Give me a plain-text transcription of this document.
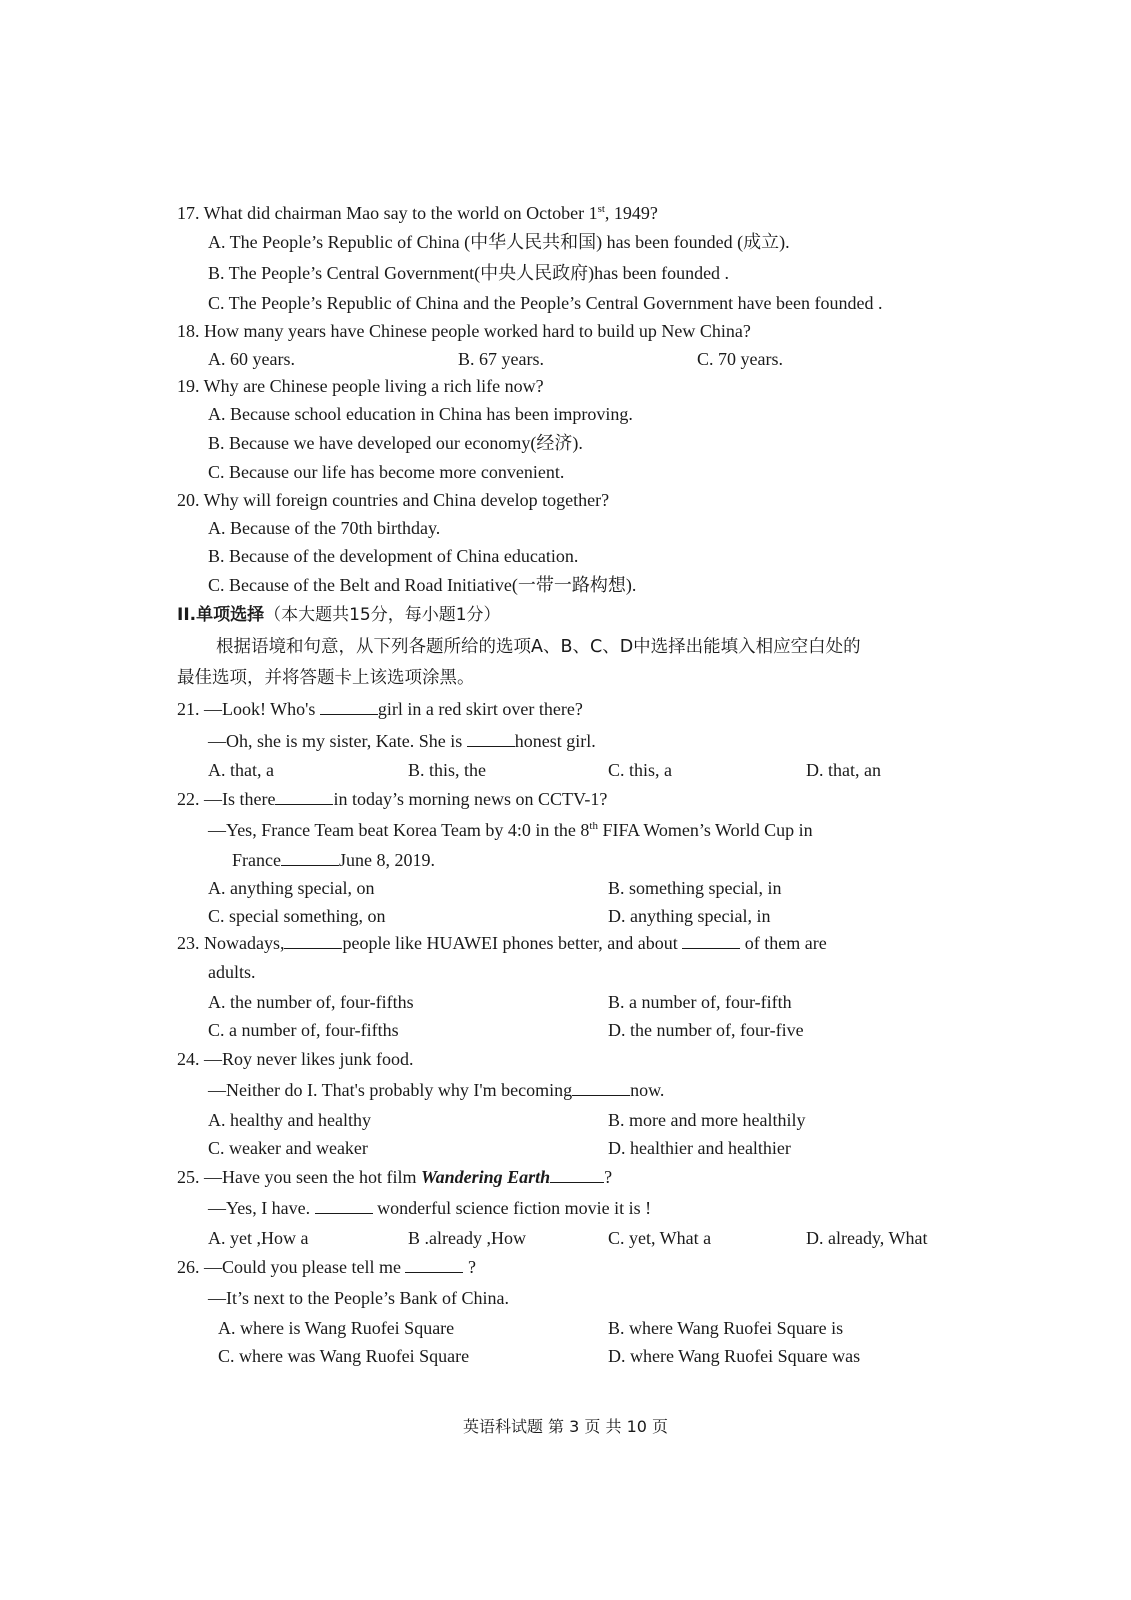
17. What did chairman Mao say to the world on October 1st, 1949?
A. The People’s Republic of China (中华人民共和国) has been founded (成立).
B. The People’s Central Government(中央人民政府)has been founded .
C. The People’s Republic of China and the People’s Central Government have been founded .
18. How many years have Chinese people worked hard to build up New China?
A. 60 years.	B. 67 years.	C. 70 years.
19. Why are Chinese people living a rich life now?
A. Because school education in China has been improving.
B. Because we have developed our economy(经济).
C. Because our life has become more convenient.
20. Why will foreign countries and China develop together?
A. Because of the 70th birthday.
B. Because of the development of China education.
C. Because of the Belt and Road Initiative(一带一路构想).
II.单项选择（本大题共15分，每小题1分）
根据语境和句意，从下列各题所给的选项A、B、C、D中选择出能填入相应空白处的
最佳选项，并将答题卡上该选项涂黑。
21. —Look! Who's	girl in a red skirt over there?
—Oh, she is my sister, Kate. She is	honest girl.
A. that, a	B. this, the	C. this, a	D. that, an
22. —Is there	in today’s morning news on CCTV-1?
—Yes, France Team beat Korea Team by 4:0 in the 8th FIFA Women’s World Cup in
France	June 8, 2019.
A. anything special, on	B. something special, in
C. special something, on	D. anything special, in
23. Nowadays,	people like HUAWEI phones better, and about	of them are
adults.
A. the number of, four-fifths	B. a number of, four-fifth
C. a number of, four-fifths	D. the number of, four-five
24. —Roy never likes junk food.
—Neither do I. That's probably why I'm becoming	now.
A. healthy and healthy	B. more and more healthily
C. weaker and weaker	D. healthier and healthier
25. —Have you seen the hot film Wandering Earth	?
—Yes, I have.	wonderful science fiction movie it is !
A. yet ,How a	B .already ,How	C. yet, What a	D. already, What
26. —Could you please tell me	?
—It’s next to the People’s Bank of China.
A. where is Wang Ruofei Square	B. where Wang Ruofei Square is
C. where was Wang Ruofei Square	D. where Wang Ruofei Square was
英语科试题 第 3 页 共 10 页
